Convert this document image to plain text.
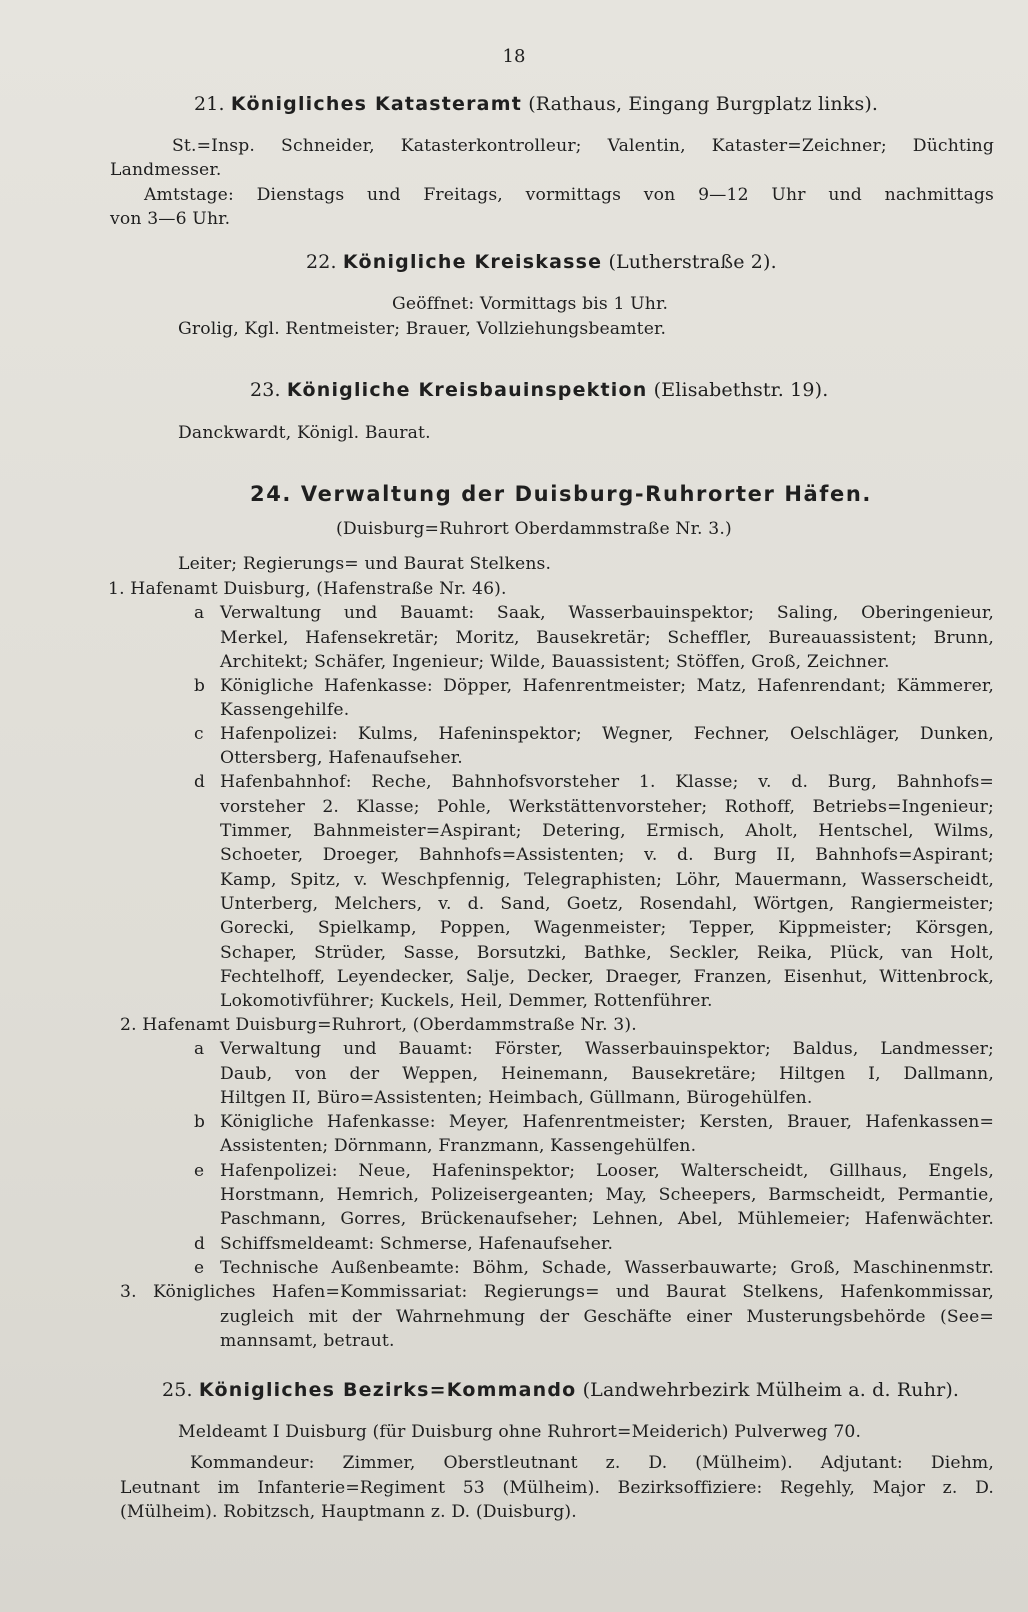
18
21. Königliches Katasteramt (Rathaus, Eingang Burgplatz links).
St.=Insp. Schneider, Katasterkontrolleur; Valentin, Kataster=Zeichner; Düchting
Landmesser.
Amtstage: Dienstags und Freitags, vormittags von 9—12 Uhr und nachmittags
von 3—6 Uhr.
22. Königliche Kreiskasse (Lutherstraße 2).
Geöffnet: Vormittags bis 1 Uhr.
Grolig, Kgl. Rentmeister; Brauer, Vollziehungsbeamter.
23. Königliche Kreisbauinspektion (Elisabethstr. 19).
Danckwardt, Königl. Baurat.
24. Verwaltung der Duisburg-Ruhrorter Häfen.
(Duisburg=Ruhrort Oberdammstraße Nr. 3.)
Leiter; Regierungs= und Baurat Stelkens.
1. Hafenamt Duisburg, (Hafenstraße Nr. 46).
a Verwaltung und Bauamt: Saak, Wasserbauinspektor; Saling, Oberingenieur,
Merkel, Hafensekretär; Moritz, Bausekretär; Scheffler, Bureauassistent; Brunn,
Architekt; Schäfer, Ingenieur; Wilde, Bauassistent; Stöffen, Groß, Zeichner.
b Königliche Hafenkasse: Döpper, Hafenrentmeister; Matz, Hafenrendant; Kämmerer,
Kassengehilfe.
c Hafenpolizei: Kulms, Hafeninspektor; Wegner, Fechner, Oelschläger, Dunken,
Ottersberg, Hafenaufseher.
d Hafenbahnhof: Reche, Bahnhofsvorsteher 1. Klasse; v. d. Burg, Bahnhofs=
vorsteher 2. Klasse; Pohle, Werkstättenvorsteher; Rothoff, Betriebs=Ingenieur;
Timmer, Bahnmeister=Aspirant; Detering, Ermisch, Aholt, Hentschel, Wilms,
Schoeter, Droeger, Bahnhofs=Assistenten; v. d. Burg II, Bahnhofs=Aspirant;
Kamp, Spitz, v. Weschpfennig, Telegraphisten; Löhr, Mauermann, Wasserscheidt,
Unterberg, Melchers, v. d. Sand, Goetz, Rosendahl, Wörtgen, Rangiermeister;
Gorecki, Spielkamp, Poppen, Wagenmeister; Tepper, Kippmeister; Körsgen,
Schaper, Strüder, Sasse, Borsutzki, Bathke, Seckler, Reika, Plück, van Holt,
Fechtelhoff, Leyendecker, Salje, Decker, Draeger, Franzen, Eisenhut, Wittenbrock,
Lokomotivführer; Kuckels, Heil, Demmer, Rottenführer.
2. Hafenamt Duisburg=Ruhrort, (Oberdammstraße Nr. 3).
a Verwaltung und Bauamt: Förster, Wasserbauinspektor; Baldus, Landmesser;
Daub, von der Weppen, Heinemann, Bausekretäre; Hiltgen I, Dallmann,
Hiltgen II, Büro=Assistenten; Heimbach, Güllmann, Bürogehülfen.
b Königliche Hafenkasse: Meyer, Hafenrentmeister; Kersten, Brauer, Hafenkassen=
Assistenten; Dörnmann, Franzmann, Kassengehülfen.
e Hafenpolizei: Neue, Hafeninspektor; Looser, Walterscheidt, Gillhaus, Engels,
Horstmann, Hemrich, Polizeisergeanten; May, Scheepers, Barmscheidt, Permantie,
Paschmann, Gorres, Brückenaufseher; Lehnen, Abel, Mühlemeier; Hafenwächter.
d Schiffsmeldeamt: Schmerse, Hafenaufseher.
e Technische Außenbeamte: Böhm, Schade, Wasserbauwarte; Groß, Maschinenmstr.
3. Königliches Hafen=Kommissariat: Regierungs= und Baurat Stelkens, Hafenkommissar,
zugleich mit der Wahrnehmung der Geschäfte einer Musterungsbehörde (See=
mannsamt, betraut.
25. Königliches Bezirks=Kommando (Landwehrbezirk Mülheim a. d. Ruhr).
Meldeamt I Duisburg (für Duisburg ohne Ruhrort=Meiderich) Pulverweg 70.
Kommandeur: Zimmer, Oberstleutnant z. D. (Mülheim). Adjutant: Diehm,
Leutnant im Infanterie=Regiment 53 (Mülheim). Bezirksoffiziere: Regehly, Major z. D.
(Mülheim). Robitzsch, Hauptmann z. D. (Duisburg).
